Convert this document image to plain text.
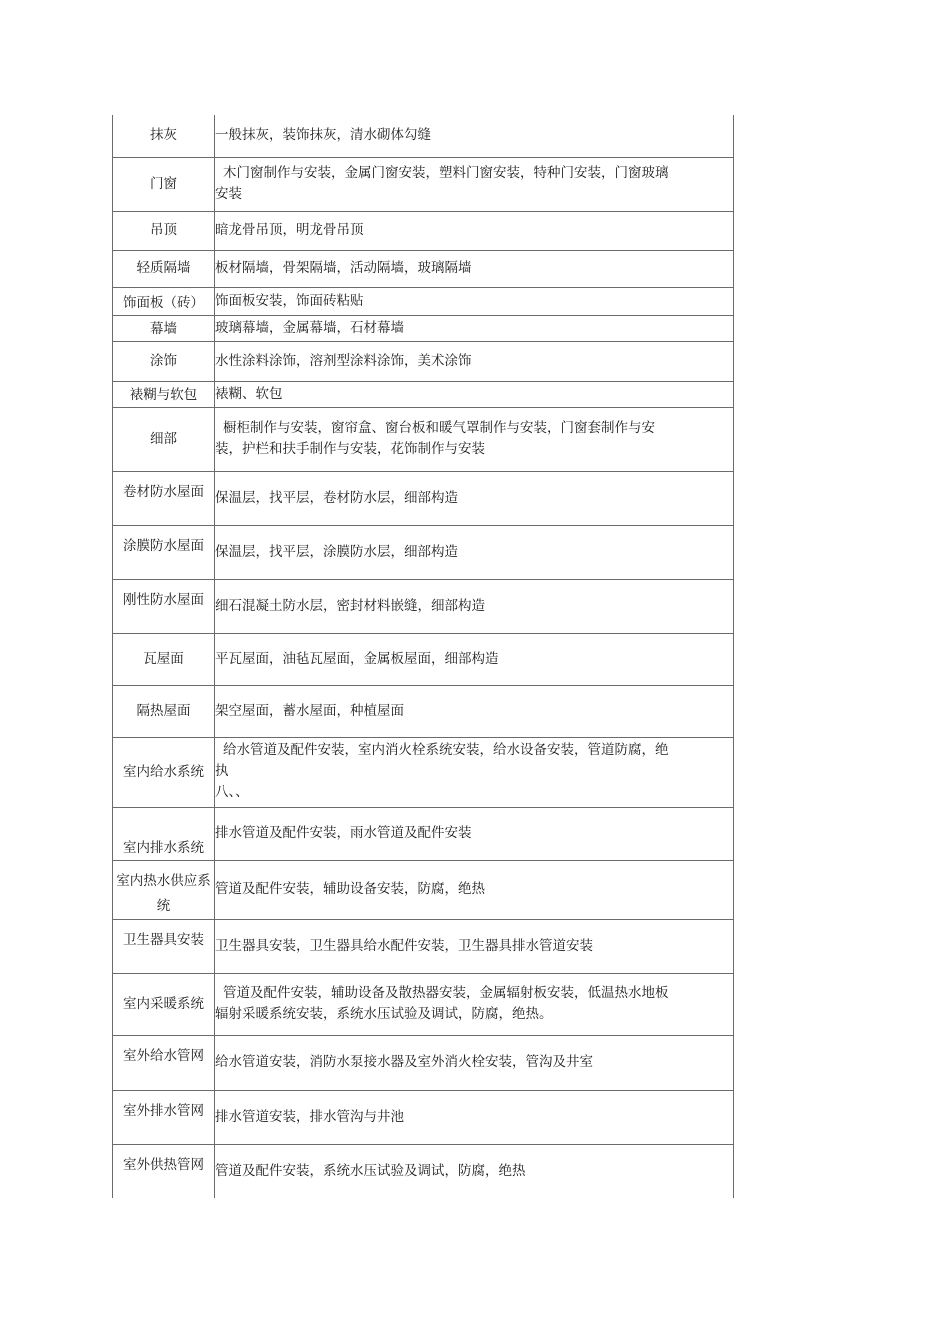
抹灰	一般抹灰，装饰抹灰，清水砌体勾缝
门窗	木门窗制作与安装，金属门窗安装，塑料门窗安装，特种门安装，门窗玻璃
安装

吊顶	暗龙骨吊顶，明龙骨吊顶
轻质隔墙	板材隔墙，骨架隔墙，活动隔墙，玻璃隔墙
饰面板（砖）	饰面板安装，饰面砖粘贴
幕墙	玻璃幕墙，金属幕墙，石材幕墙
涂饰	水性涂料涂饰，溶剂型涂料涂饰，美术涂饰
裱糊与软包	裱糊、软包
细部	橱柜制作与安装，窗帘盒、窗台板和暖气罩制作与安装，门窗套制作与安
装，护栏和扶手制作与安装，花饰制作与安装

卷材防水屋面	保温层，找平层，卷材防水层，细部构造
涂膜防水屋面	保温层，找平层，涂膜防水层，细部构造
刚性防水屋面	细石混凝土防水层，密封材料嵌缝，细部构造
瓦屋面	平瓦屋面，油毡瓦屋面，金属板屋面，细部构造
隔热屋面	架空屋面，蓄水屋面，种植屋面
室内给水系统	给水管道及配件安装，室内消火栓系统安装，给水设备安装，管道防腐，绝
执
八、、

室内排水系统	排水管道及配件安装，雨水管道及配件安装
室内热水供应系统	管道及配件安装，辅助设备安装，防腐，绝热
卫生器具安装	卫生器具安装，卫生器具给水配件安装，卫生器具排水管道安装
室内采暖系统	管道及配件安装，辅助设备及散热器安装，金属辐射板安装，低温热水地板
辐射采暖系统安装，系统水压试验及调试，防腐，绝热。

室外给水管网	给水管道安装，消防水泵接水器及室外消火栓安装，管沟及井室
室外排水管网	排水管道安装，排水管沟与井池
室外供热管网	管道及配件安装，系统水压试验及调试，防腐，绝热
